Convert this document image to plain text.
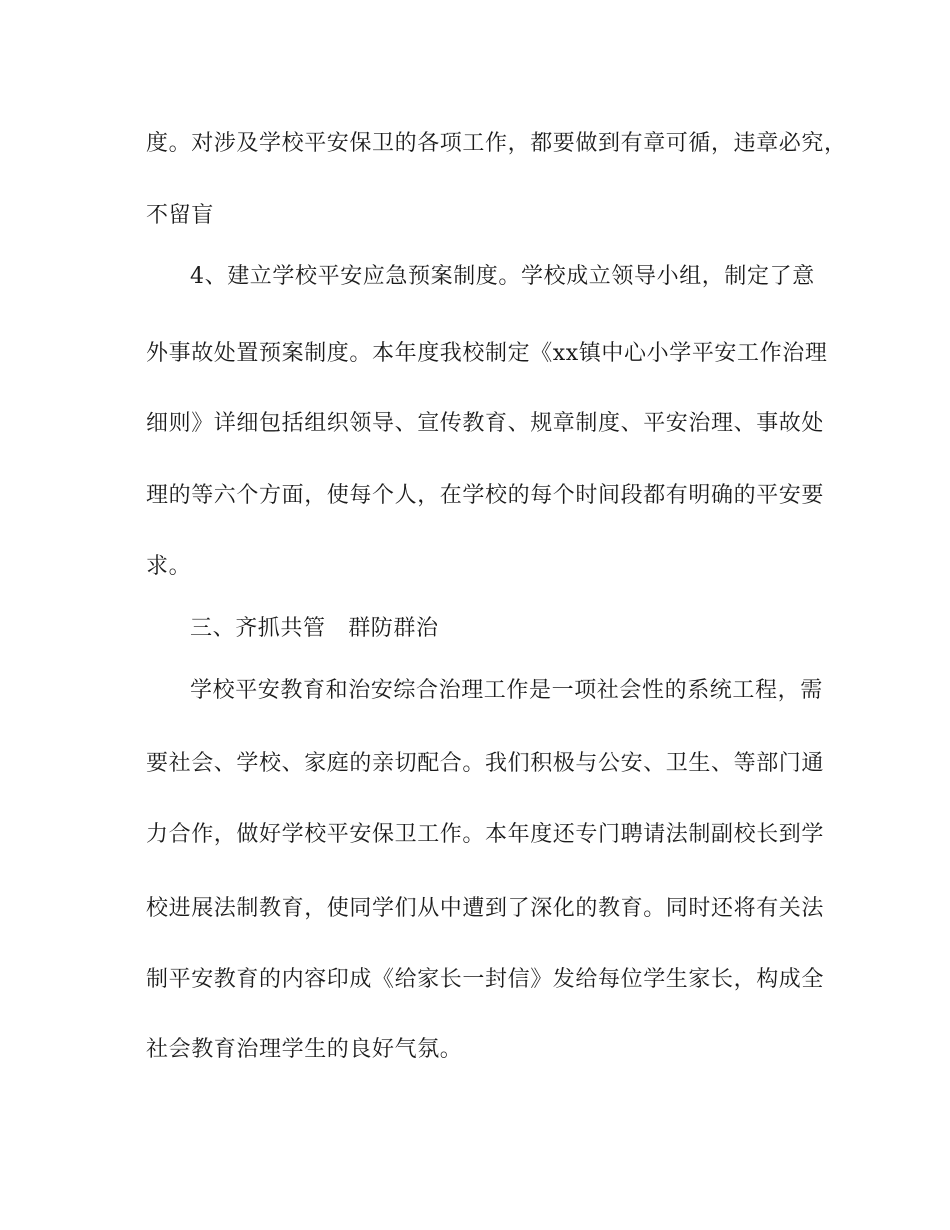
度。对涉及学校平安保卫的各项工作，都要做到有章可循，违章必究，
不留盲
4、建立学校平安应急预案制度。学校成立领导小组，制定了意
外事故处置预案制度。本年度我校制定《xx镇中心小学平安工作治理
细则》详细包括组织领导、宣传教育、规章制度、平安治理、事故处
理的等六个方面，使每个人，在学校的每个时间段都有明确的平安要
求。
三、齐抓共管　群防群治
学校平安教育和治安综合治理工作是一项社会性的系统工程，需
要社会、学校、家庭的亲切配合。我们积极与公安、卫生、等部门通
力合作，做好学校平安保卫工作。本年度还专门聘请法制副校长到学
校进展法制教育，使同学们从中遭到了深化的教育。同时还将有关法
制平安教育的内容印成《给家长一封信》发给每位学生家长，构成全
社会教育治理学生的良好气氛。
